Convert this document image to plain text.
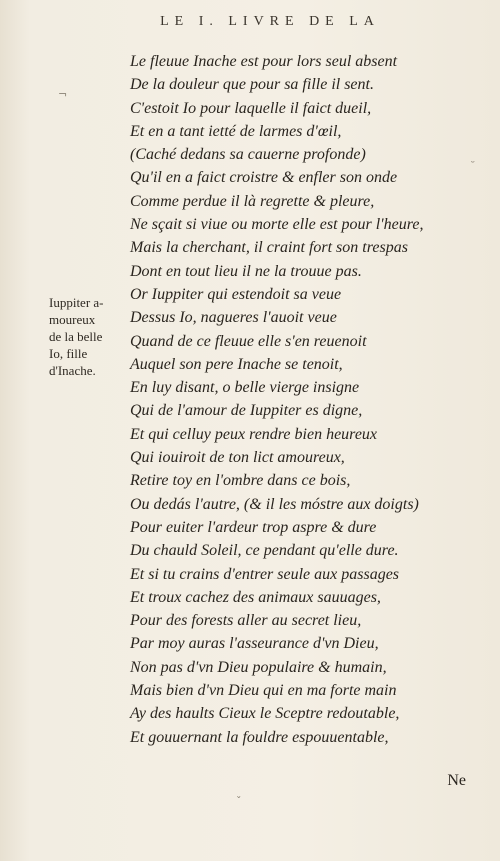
LE I. LIVRE DE LA
¬
˘
ˇ
Iuppiter a-
moureux
de la belle
Io, fille
d'Inache.
Le fleuue Inache est pour lors seul absent
De la douleur que pour sa fille il sent.
C'estoit Io pour laquelle il faict dueil,
Et en a tant ietté de larmes d'œil,
(Caché dedans sa cauerne profonde)
Qu'il en a faict croistre & enfler son onde
Comme perdue il là regrette & pleure,
Ne sçait si viue ou morte elle est pour l'heure,
Mais la cherchant, il craint fort son trespas
Dont en tout lieu il ne la trouue pas.
Or Iuppiter qui estendoit sa veue
Dessus Io, nagueres l'auoit veue
Quand de ce fleuue elle s'en reuenoit
Auquel son pere Inache se tenoit,
En luy disant, o belle vierge insigne
Qui de l'amour de Iuppiter es digne,
Et qui celluy peux rendre bien heureux
Qui iouiroit de ton lict amoureux,
Retire toy en l'ombre dans ce bois,
Ou dedás l'autre, (& il les móstre aux doigts)
Pour euiter l'ardeur trop aspre & dure
Du chauld Soleil, ce pendant qu'elle dure.
Et si tu crains d'entrer seule aux passages
Et troux cachez des animaux sauuages,
Pour des forests aller au secret lieu,
Par moy auras l'asseurance d'vn Dieu,
Non pas d'vn Dieu populaire & humain,
Mais bien d'vn Dieu qui en ma forte main
Ay des haults Cieux le Sceptre redoutable,
Et gouuernant la fouldre espouuentable,
Ne
